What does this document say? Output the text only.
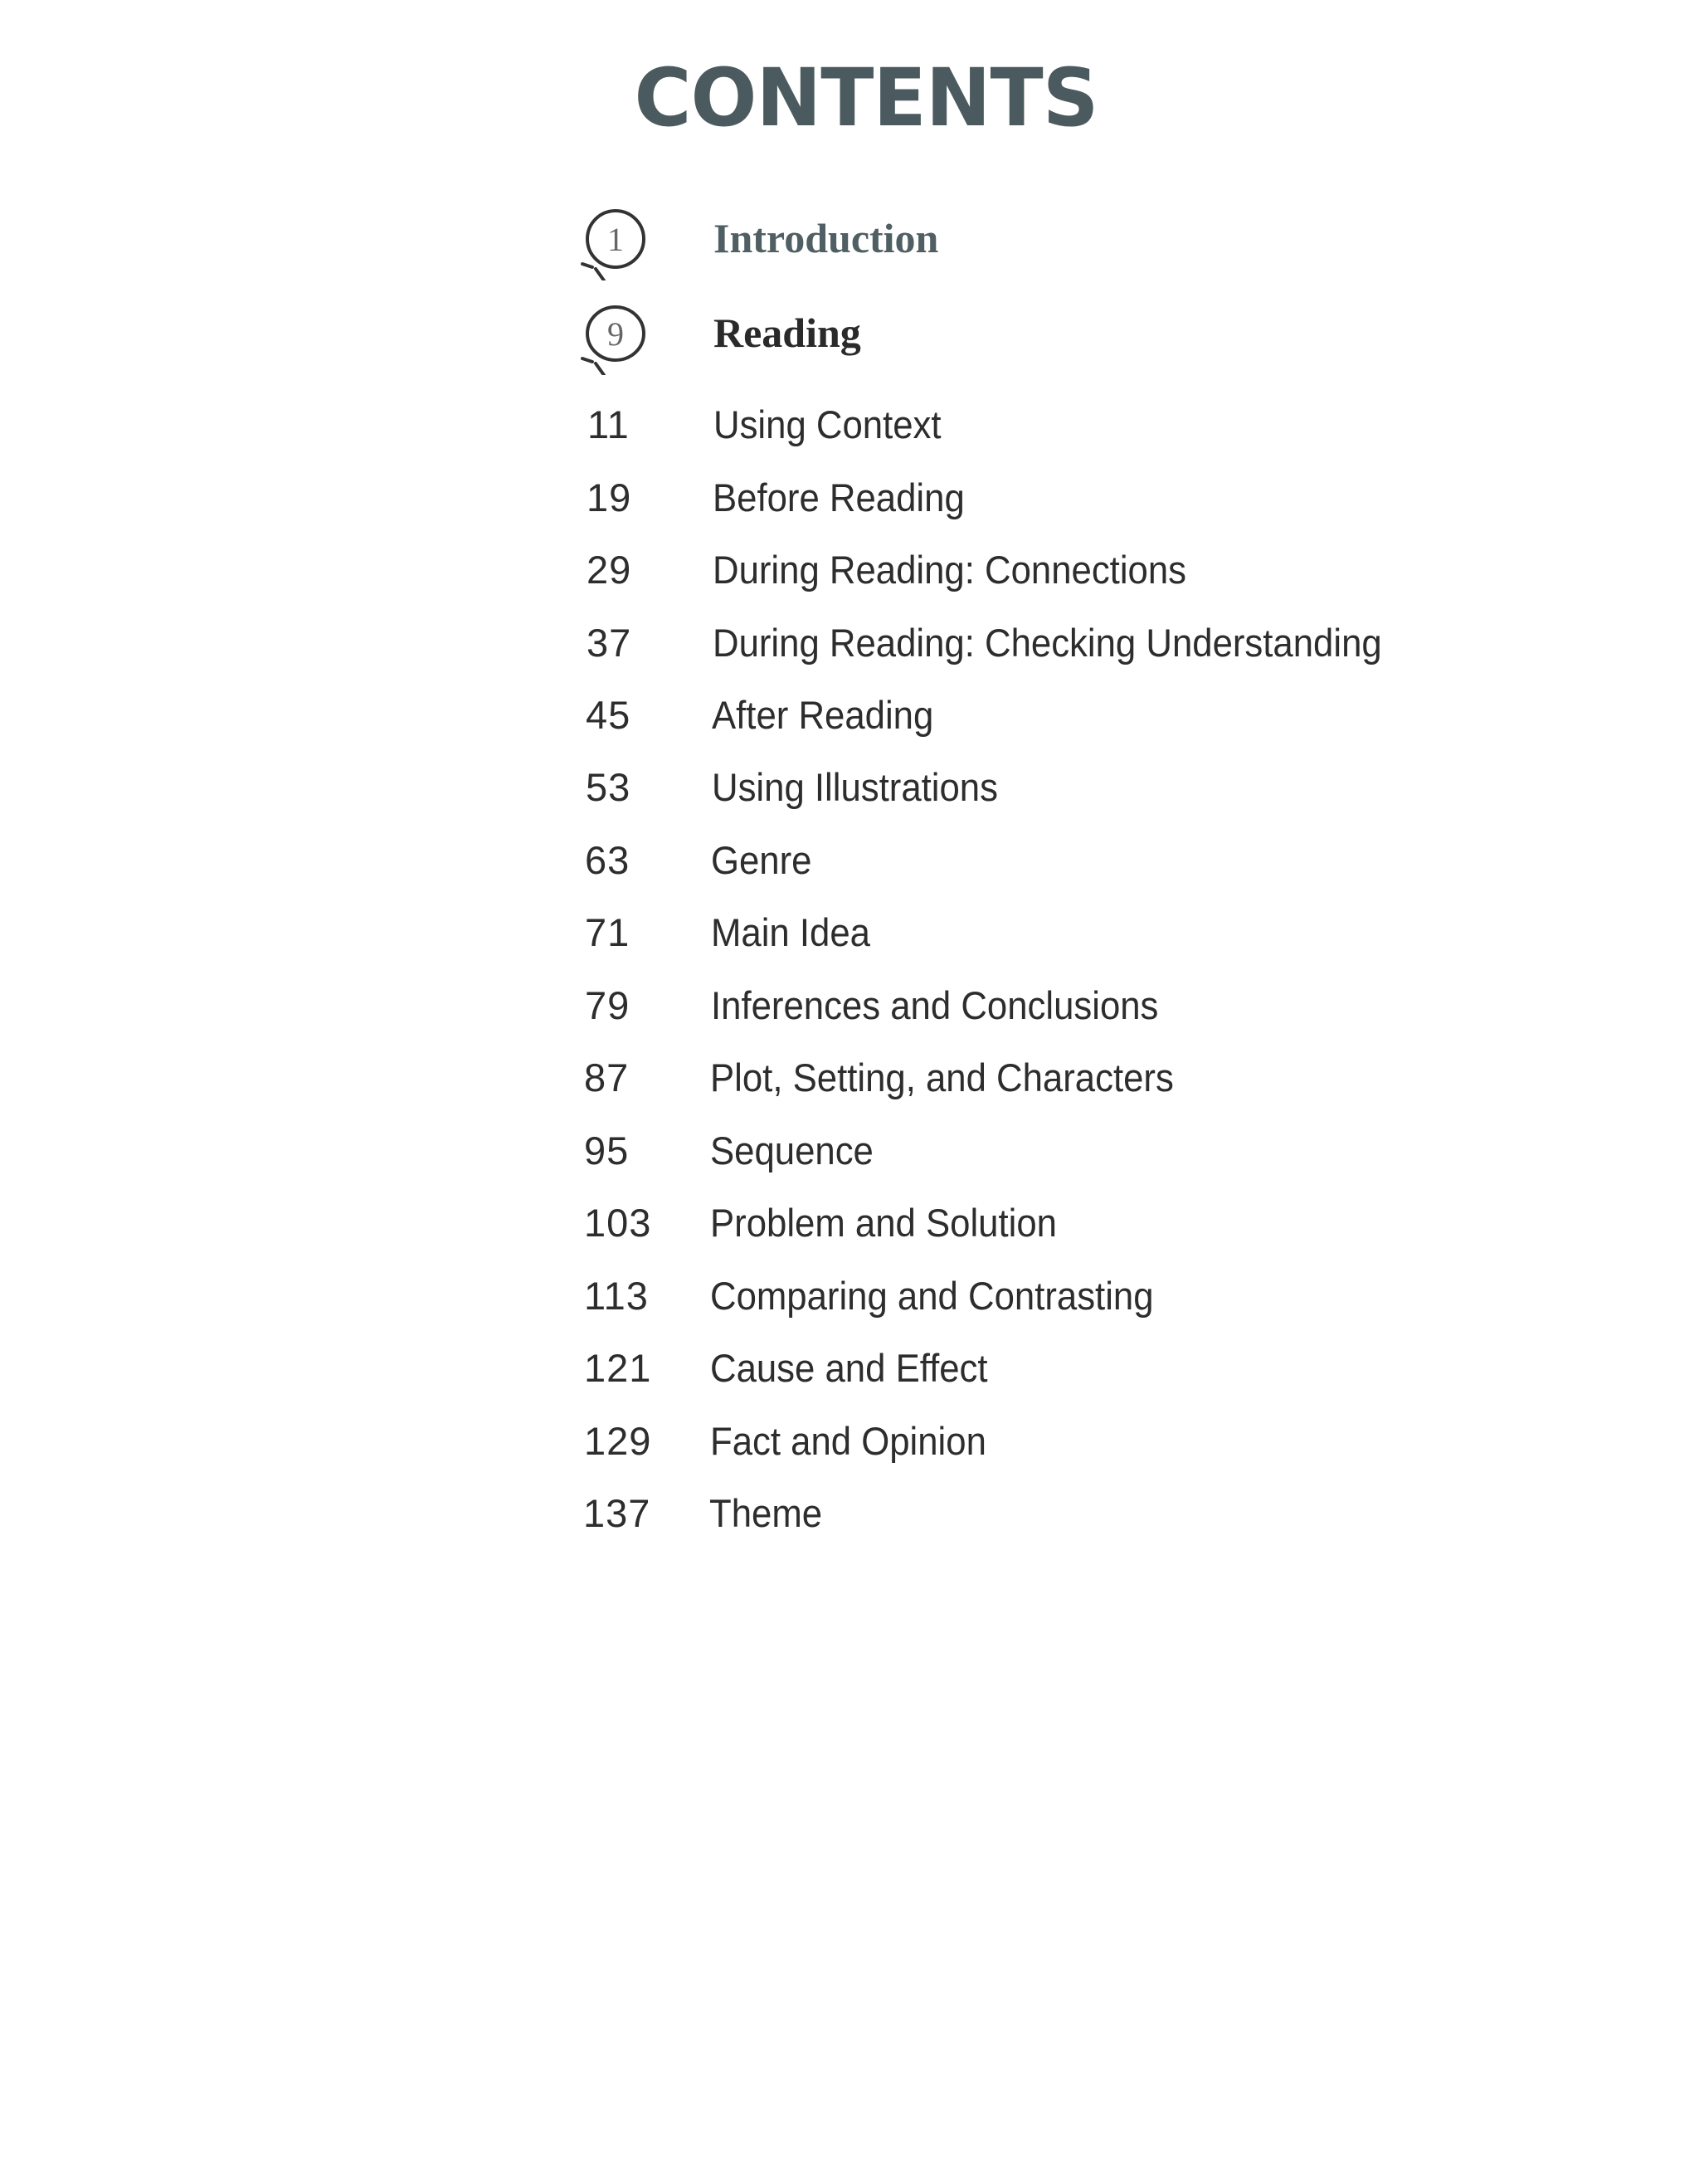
CONTENTS
1 Introduction
9 Reading
11	Using Context
19	Before Reading
29	During Reading: Connections
37	During Reading: Checking Understanding
45	After Reading
53	Using Illustrations
63	Genre
71	Main Idea
79	Inferences and Conclusions
87	Plot, Setting, and Characters
95	Sequence
103	Problem and Solution
113	Comparing and Contrasting
121	Cause and Effect
129	Fact and Opinion
137	Theme
